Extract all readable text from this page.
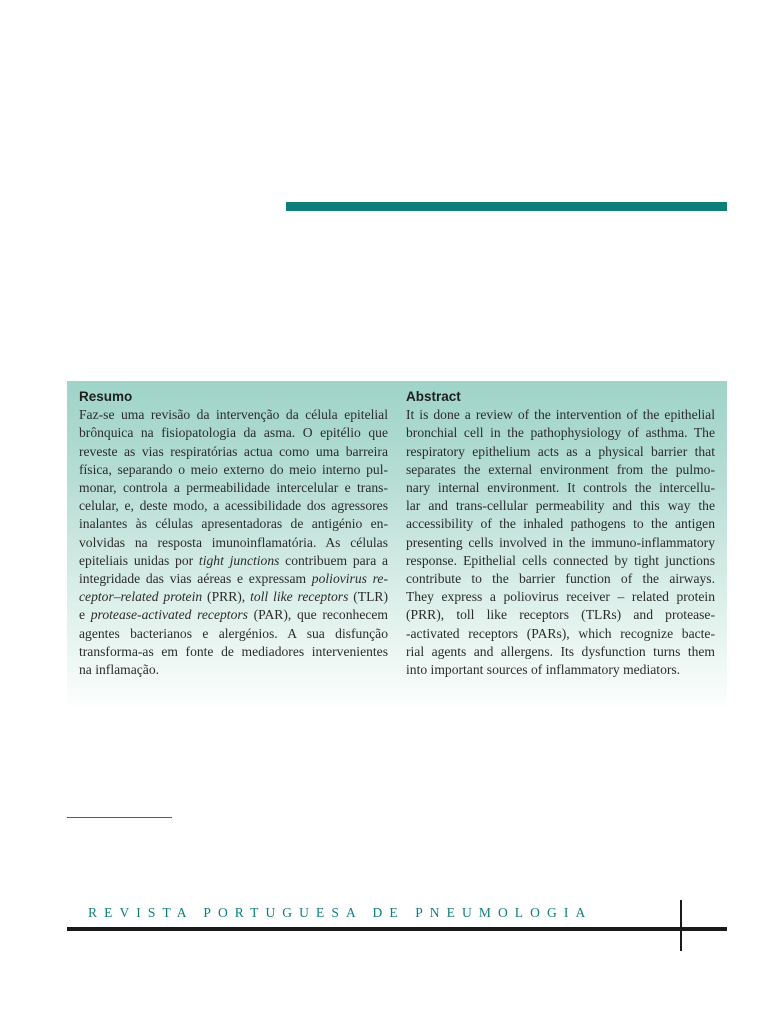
Resumo
Faz-se uma revisão da intervenção da célula epitelial
brônquica na fisiopatologia da asma. O epitélio que
reveste as vias respiratórias actua como uma barreira
física, separando o meio externo do meio interno pul-
monar, controla a permeabilidade intercelular e trans-
celular, e, deste modo, a acessibilidade dos agressores
inalantes às células apresentadoras de antigénio en-
volvidas na resposta imunoinflamatória. As células
epiteliais unidas por tight junctions contribuem para a
integridade das vias aéreas e expressam poliovirus re-
ceptor–related protein (PRR), toll like receptors (TLR)
e protease-activated receptors (PAR), que reconhecem
agentes bacterianos e alergénios. A sua disfunção
transforma-as em fonte de mediadores intervenientes
na inflamação.
Abstract
It is done a review of the intervention of the epithelial
bronchial cell in the pathophysiology of asthma. The
respiratory epithelium acts as a physical barrier that
separates the external environment from the pulmo-
nary internal environment. It controls the intercellu-
lar and trans-cellular permeability and this way the
accessibility of the inhaled pathogens to the antigen
presenting cells involved in the immuno-inflammatory
response. Epithelial cells connected by tight junctions
contribute to the barrier function of the airways.
They express a poliovirus receiver – related protein
(PRR), toll like receptors (TLRs) and protease-
-activated receptors (PARs), which recognize bacte-
rial agents and allergens. Its dysfunction turns them
into important sources of inflammatory mediators.
REVISTA PORTUGUESA DE PNEUMOLOGIA
